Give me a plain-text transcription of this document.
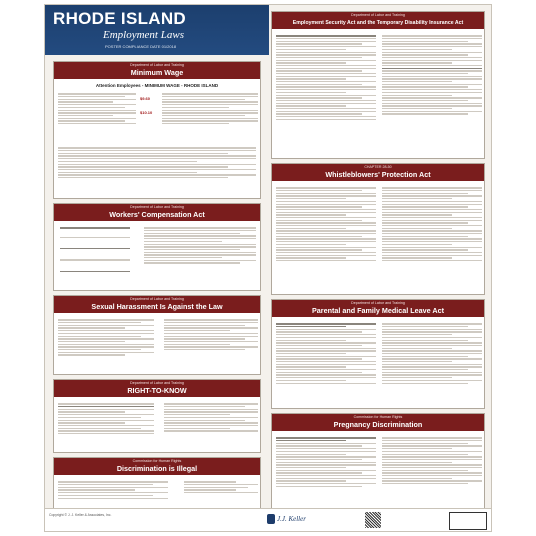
RHODE ISLAND
Employment Laws
POSTER COMPLIANCE DATE 01/2018
Department of Labor and Training
Minimum Wage
Attention Employees - MINIMUM WAGE - RHODE ISLAND
$9.60
$10.10
Department of Labor and Training
Workers' Compensation Act
Department of Labor and Training
Sexual Harassment Is Against the Law
Department of Labor and Training
RIGHT-TO-KNOW
Commission for Human Rights
Discrimination is Illegal
Department of Labor and Training
Employment Security Act and the Temporary Disability Insurance Act
CHAPTER 28-50
Whistleblowers' Protection Act
Department of Labor and Training
Parental and Family Medical Leave Act
Commission for Human Rights
Pregnancy Discrimination
Copyright © J. J. Keller & Associates, Inc.	J.J. Keller
